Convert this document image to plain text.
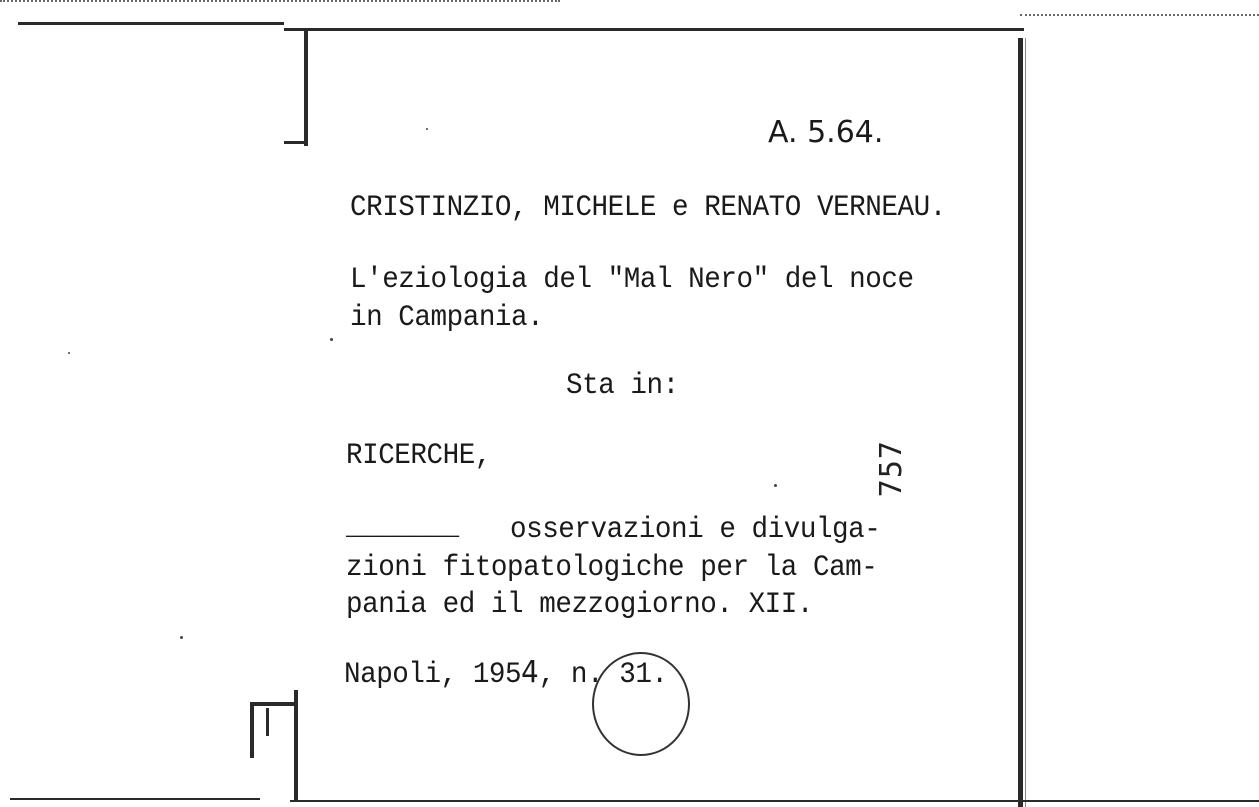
A. 5.64.
CRISTINZIO, MICHELE e RENATO VERNEAU.
L'eziologia del "Mal Nero" del noce
in Campania.
Sta in:
RICERCHE,
_______ osservazioni e divulga-
zioni fitopatologiche per la Cam-
pania ed il mezzogiorno. XII.
Napoli, 1954, n. 31.
757
